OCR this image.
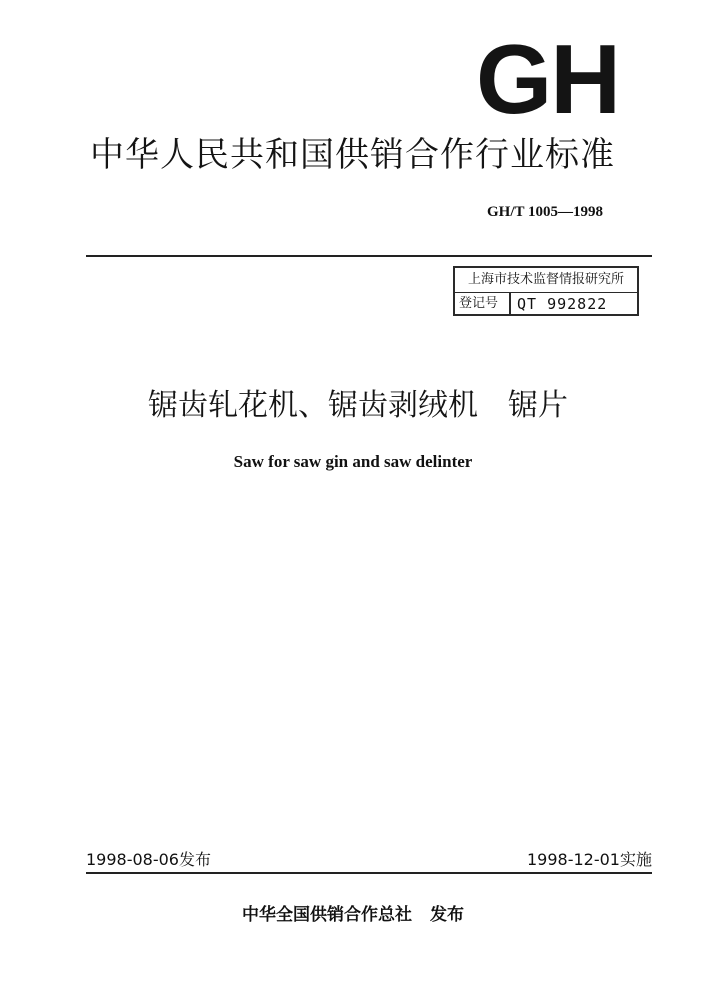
GH
中华人民共和国供销合作行业标准
GH/T 1005—1998
上海市技术监督情报研究所
登记号 QT 992822
锯齿轧花机、锯齿剥绒机 锯片
Saw for saw gin and saw delinter
1998-08-06发布	1998-12-01实施
中华全国供销合作总社 发布
